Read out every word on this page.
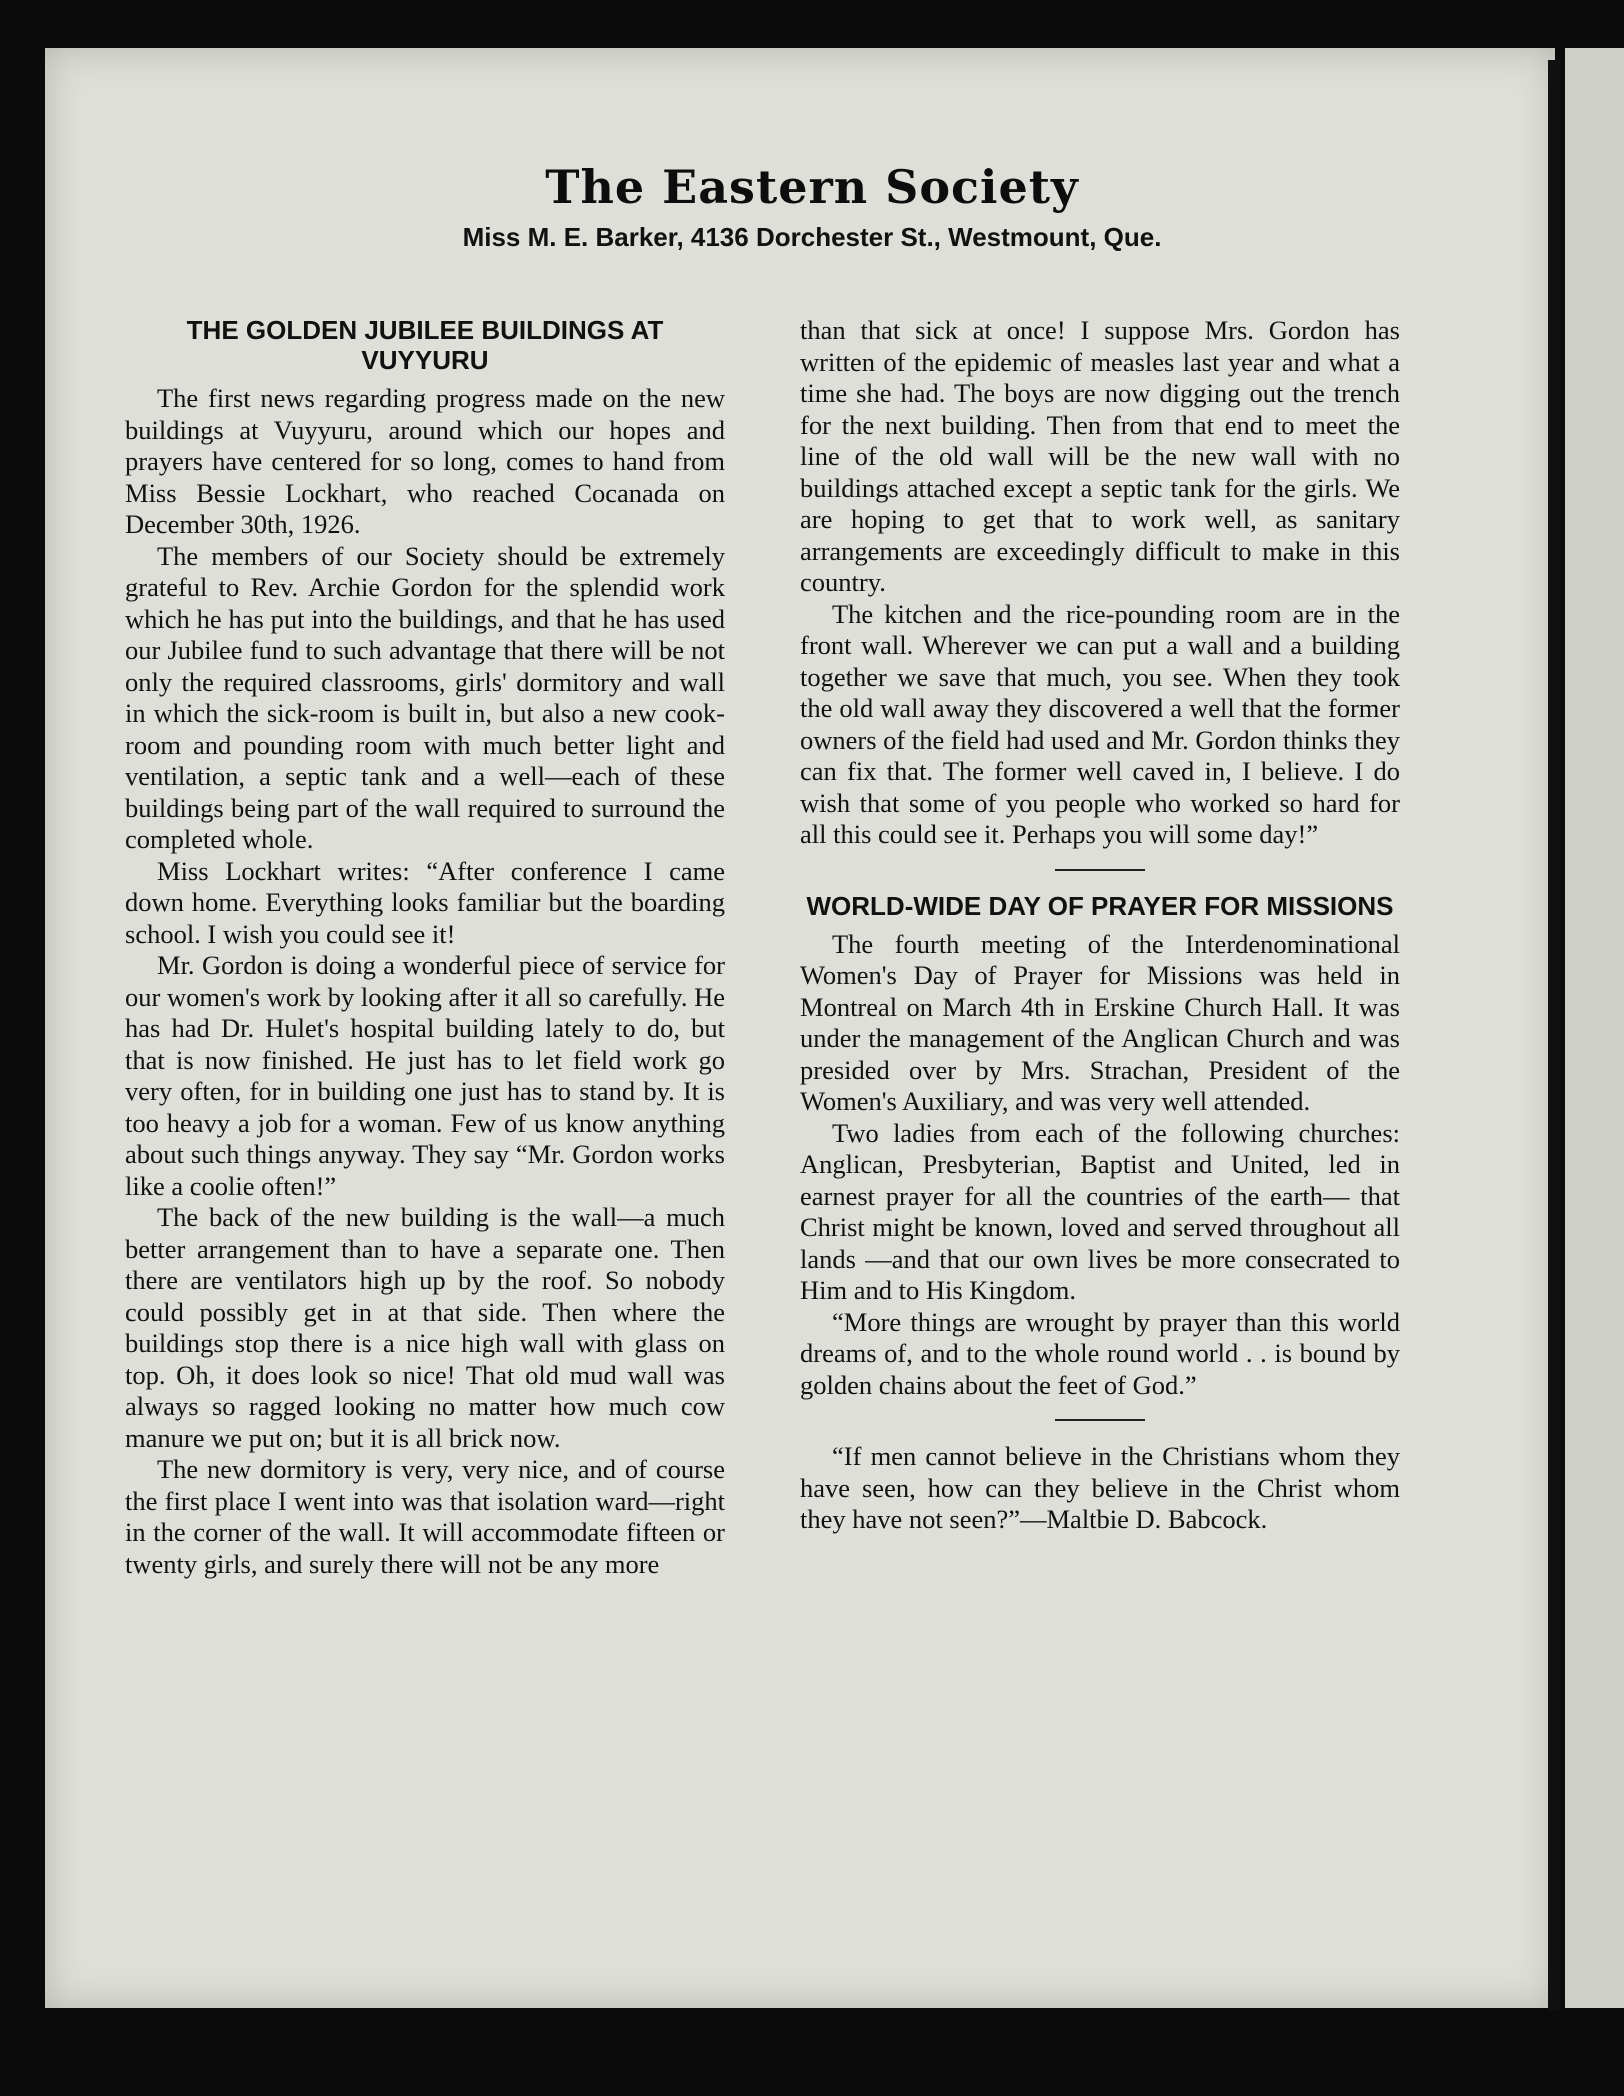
The Eastern Society
Miss M. E. Barker, 4136 Dorchester St., Westmount, Que.
THE GOLDEN JUBILEE BUILDINGS AT VUYYURU

The first news regarding progress made on the new buildings at Vuyyuru, around which our hopes and prayers have centered for so long, comes to hand from Miss Bessie Lockhart, who reached Cocanada on December 30th, 1926.

The members of our Society should be extremely grateful to Rev. Archie Gordon for the splendid work which he has put into the buildings, and that he has used our Jubilee fund to such advantage that there will be not only the required classrooms, girls' dormitory and wall in which the sick-room is built in, but also a new cook-room and pounding room with much better light and ventilation, a septic tank and a well—each of these buildings being part of the wall required to surround the completed whole.

Miss Lockhart writes: “After conference I came down home. Everything looks familiar but the boarding school. I wish you could see it!

Mr. Gordon is doing a wonderful piece of service for our women's work by looking after it all so carefully. He has had Dr. Hulet's hospital building lately to do, but that is now finished. He just has to let field work go very often, for in building one just has to stand by. It is too heavy a job for a woman. Few of us know anything about such things anyway. They say “Mr. Gordon works like a coolie often!”

The back of the new building is the wall—a much better arrangement than to have a separate one. Then there are ventilators high up by the roof. So nobody could possibly get in at that side. Then where the buildings stop there is a nice high wall with glass on top. Oh, it does look so nice! That old mud wall was always so ragged looking no matter how much cow manure we put on; but it is all brick now.

The new dormitory is very, very nice, and of course the first place I went into was that isolation ward—right in the corner of the wall. It will accommodate fifteen or twenty girls, and surely there will not be any more

than that sick at once! I suppose Mrs. Gordon has written of the epidemic of measles last year and what a time she had. The boys are now digging out the trench for the next building. Then from that end to meet the line of the old wall will be the new wall with no buildings attached except a septic tank for the girls. We are hoping to get that to work well, as sanitary arrangements are exceedingly difficult to make in this country.

The kitchen and the rice-pounding room are in the front wall. Wherever we can put a wall and a building together we save that much, you see. When they took the old wall away they discovered a well that the former owners of the field had used and Mr. Gordon thinks they can fix that. The former well caved in, I believe. I do wish that some of you people who worked so hard for all this could see it. Perhaps you will some day!”

WORLD-WIDE DAY OF PRAYER FOR MISSIONS

The fourth meeting of the Interdenominational Women's Day of Prayer for Missions was held in Montreal on March 4th in Erskine Church Hall. It was under the management of the Anglican Church and was presided over by Mrs. Strachan, President of the Women's Auxiliary, and was very well attended.

Two ladies from each of the following churches: Anglican, Presbyterian, Baptist and United, led in earnest prayer for all the countries of the earth— that Christ might be known, loved and served throughout all lands —and that our own lives be more consecrated to Him and to His Kingdom.

“More things are wrought by prayer than this world dreams of, and to the whole round world . . is bound by golden chains about the feet of God.”

“If men cannot believe in the Christians whom they have seen, how can they believe in the Christ whom they have not seen?”—Maltbie D. Babcock.
